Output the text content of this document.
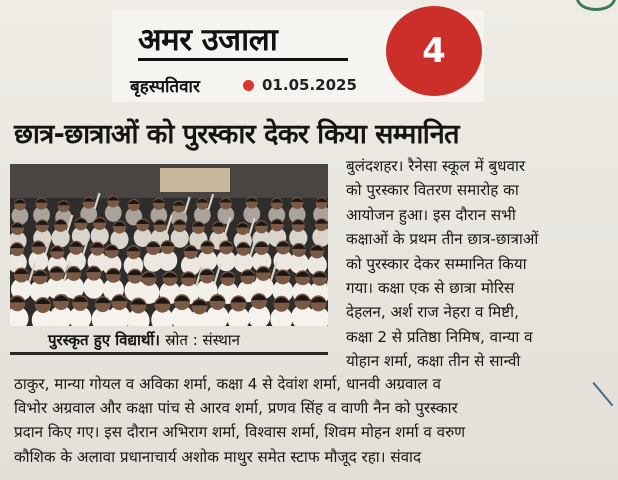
अमर उजाला
बृहस्पतिवार	01.05.2025
4
छात्र-छात्राओं को पुरस्कार देकर किया सम्मानित
पुरस्कृत हुए विद्यार्थी। स्रोत : संस्थान
बुलंदशहर। रैनेसा स्कूल में बुधवार
को पुरस्कार वितरण समारोह का
आयोजन हुआ। इस दौरान सभी
कक्षाओं के प्रथम तीन छात्र-छात्राओं
को पुरस्कार देकर सम्मानित किया
गया। कक्षा एक से छात्रा मोरिस
देहलन, अर्श राज नेहरा व मिष्टी,
कक्षा 2 से प्रतिष्ठा निमिष, वान्या व
योहान शर्मा, कक्षा तीन से सान्वी
ठाकुर, मान्या गोयल व अविका शर्मा, कक्षा 4 से देवांश शर्मा, धानवी अग्रवाल व
विभोर अग्रवाल और कक्षा पांच से आरव शर्मा, प्रणव सिंह व वाणी नैन को पुरस्कार
प्रदान किए गए। इस दौरान अभिराग शर्मा, विश्वास शर्मा, शिवम मोहन शर्मा व वरुण
कौशिक के अलावा प्रधानाचार्य अशोक माथुर समेत स्टाफ मौजूद रहा। संवाद
